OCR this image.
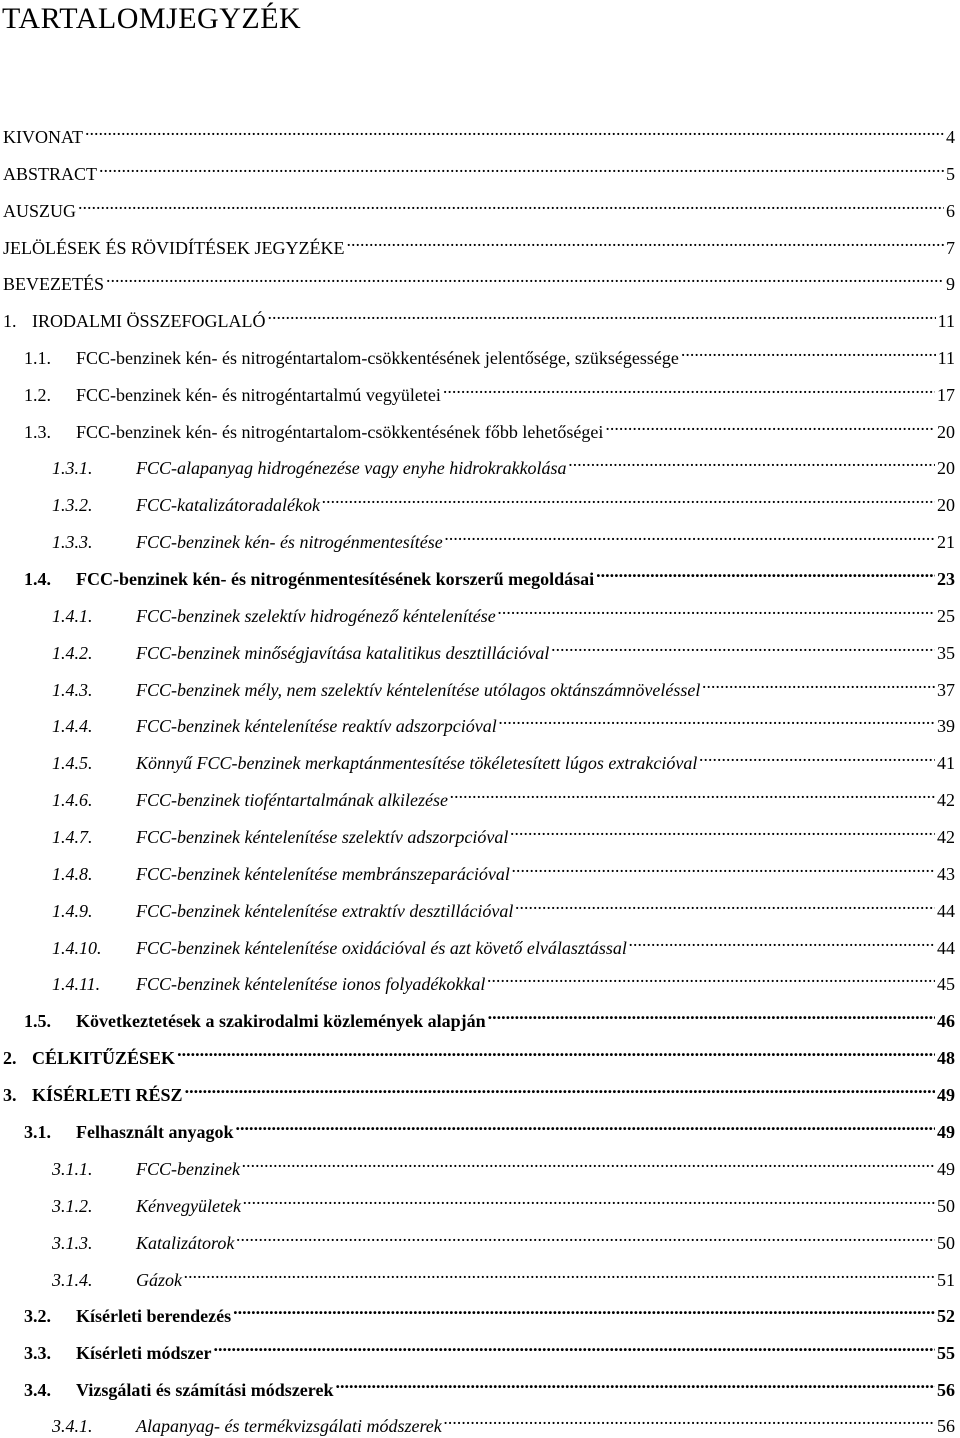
TARTALOMJEGYZÉK
KIVONAT .....	4
ABSTRACT .....	5
AUSZUG .....	6
JELÖLÉSEK ÉS RÖVIDÍTÉSEK JEGYZÉKE .....	7
BEVEZETÉS .....	9
1. IRODALMI ÖSSZEFOGLALÓ .....	11
1.1.	FCC-benzinek kén- és nitrogéntartalom-csökkentésének jelentősége, szükségessége .....	11
1.2.	FCC-benzinek kén- és nitrogéntartalmú vegyületei .....	17
1.3.	FCC-benzinek kén- és nitrogéntartalom-csökkentésének főbb lehetőségei .....	20
1.3.1.	FCC-alapanyag hidrogénezése vagy enyhe hidrokrakkolása .....	20
1.3.2.	FCC-katalizátoradalékok .....	20
1.3.3.	FCC-benzinek kén- és nitrogénmentesítése .....	21
1.4.	FCC-benzinek kén- és nitrogénmentesítésének korszerű megoldásai .....	23
1.4.1.	FCC-benzinek szelektív hidrogénező kéntelenítése .....	25
1.4.2.	FCC-benzinek minőségjavítása katalitikus desztillációval .....	35
1.4.3.	FCC-benzinek mély, nem szelektív kéntelenítése utólagos oktánszámnöveléssel .....	37
1.4.4.	FCC-benzinek kéntelenítése reaktív adszorpcióval .....	39
1.4.5.	Könnyű FCC-benzinek merkaptánmentesítése tökéletesített lúgos extrakcióval .....	41
1.4.6.	FCC-benzinek tioféntartalmának alkilezése .....	42
1.4.7.	FCC-benzinek kéntelenítése szelektív adszorpcióval .....	42
1.4.8.	FCC-benzinek kéntelenítése membránszeparációval .....	43
1.4.9.	FCC-benzinek kéntelenítése extraktív desztillációval .....	44
1.4.10.	FCC-benzinek kéntelenítése oxidációval és azt követő elválasztással .....	44
1.4.11.	FCC-benzinek kéntelenítése ionos folyadékokkal .....	45
1.5.	Következtetések a szakirodalmi közlemények alapján .....	46
2. CÉLKITŰZÉSEK .....	48
3. KÍSÉRLETI RÉSZ .....	49
3.1.	Felhasznált anyagok .....	49
3.1.1.	FCC-benzinek .....	49
3.1.2.	Kénvegyületek .....	50
3.1.3.	Katalizátorok .....	50
3.1.4.	Gázok .....	51
3.2.	Kísérleti berendezés .....	52
3.3.	Kísérleti módszer .....	55
3.4.	Vizsgálati és számítási módszerek .....	56
3.4.1.	Alapanyag- és termékvizsgálati módszerek .....	56
